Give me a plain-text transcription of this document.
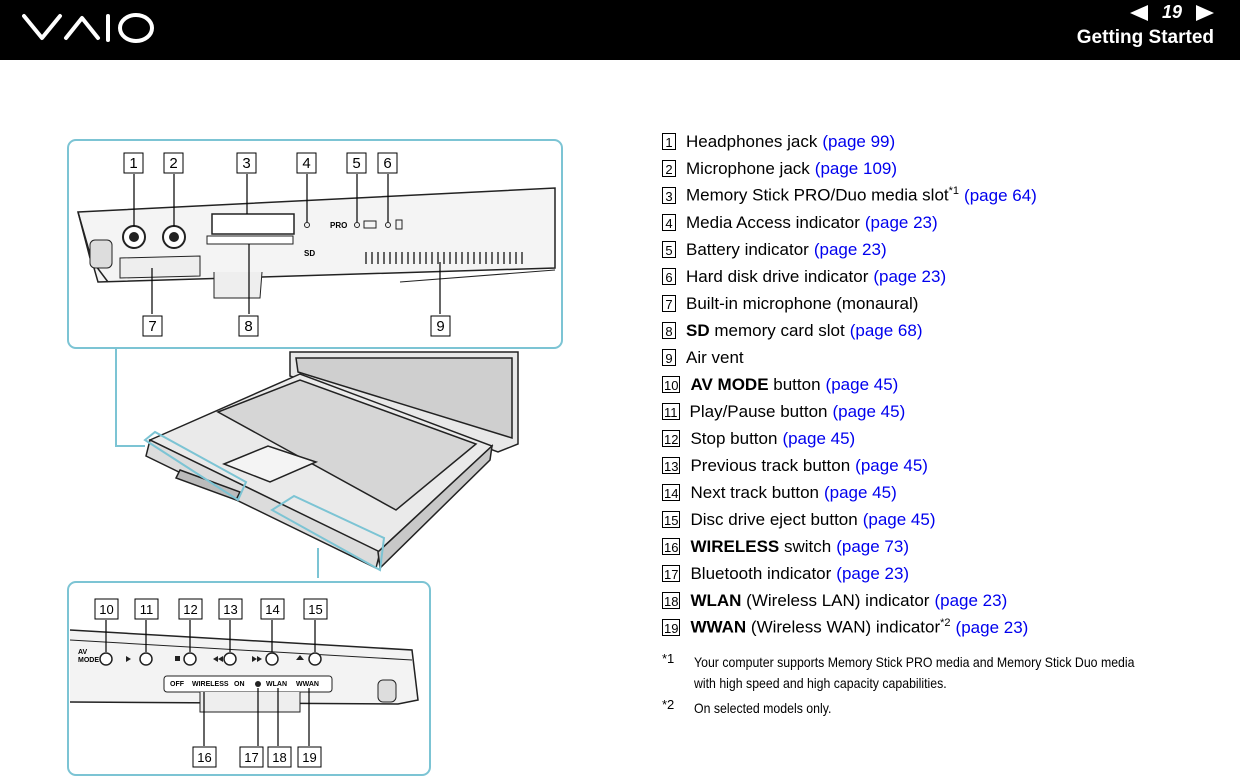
19
Getting Started
SD
PRO
1 2	3	4	5 6
7	8	9
AV MODE
OFF WIRELESS ON	WLAN WWAN
10 11 12 13 14 15
16	17 18 19
1 Headphones jack (page 99)
2 Microphone jack (page 109)
3 Memory Stick PRO/Duo media slot$^{*1}$ (page 64)
4 Media Access indicator (page 23)
5 Battery indicator (page 23)
6 Hard disk drive indicator (page 23)
7 Built-in microphone (monaural)
8 SD memory card slot (page 68)
9 Air vent
10 AV MODE button (page 45)
11 Play/Pause button (page 45)
12 Stop button (page 45)
13 Previous track button (page 45)
14 Next track button (page 45)
15 Disc drive eject button (page 45)
16 WIRELESS switch (page 73)
17 Bluetooth indicator (page 23)
18 WLAN (Wireless LAN) indicator (page 23)
19 WWAN (Wireless WAN) indicator$^{*2}$ (page 23)
*1	Your computer supports Memory Stick PRO media and Memory Stick Duo media with high speed and high capacity capabilities.
*2	On selected models only.
